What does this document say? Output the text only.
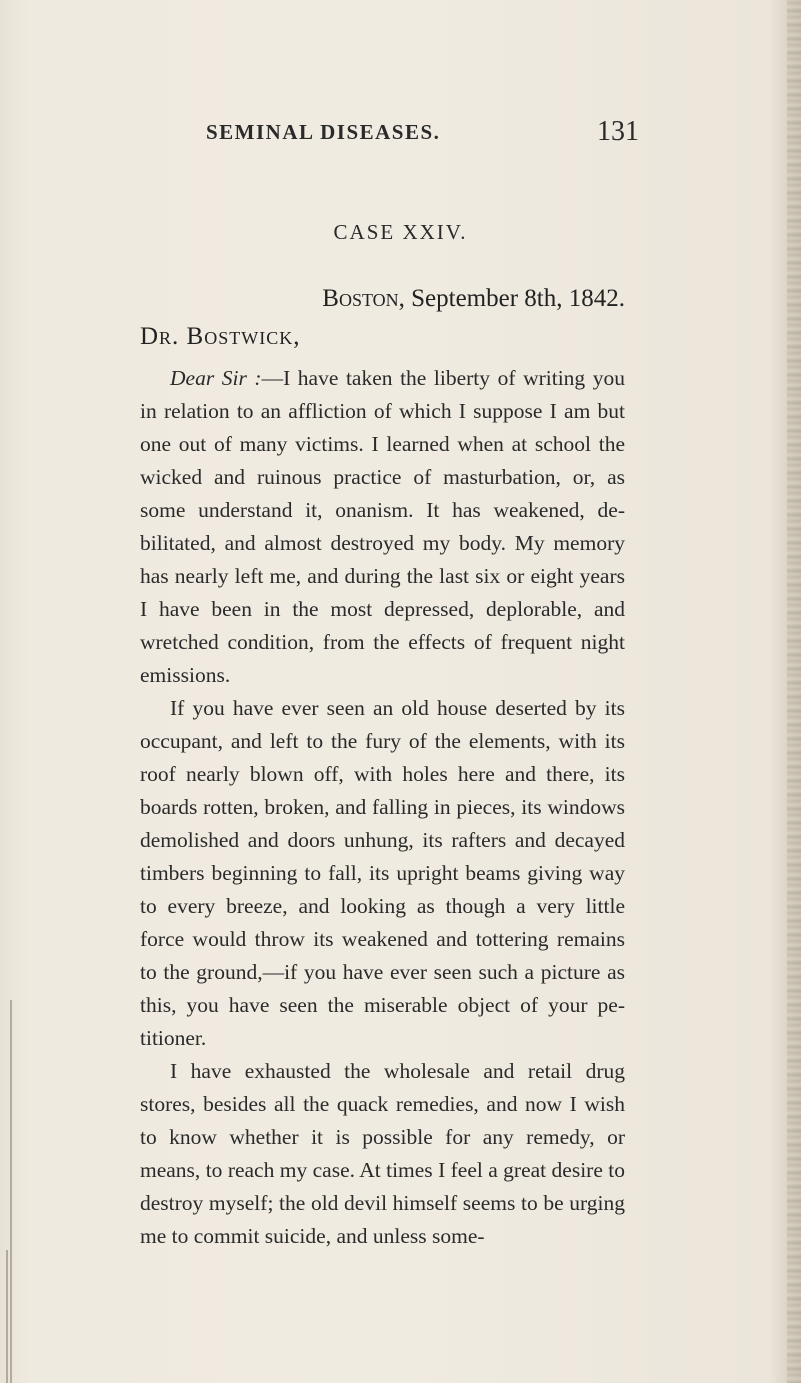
SEMINAL DISEASES.	131
CASE XXIV.
Boston, September 8th, 1842.
Dr. Bostwick,

Dear Sir :—I have taken the liberty of writing you in relation to an affliction of which I suppose I am but one out of many victims. I learned when at school the wicked and ruinous practice of masturbation, or, as some understand it, onanism. It has weakened, de-bilitated, and almost destroyed my body. My memory has nearly left me, and during the last six or eight years I have been in the most depressed, deplorable, and wretched condition, from the effects of frequent night emissions.

If you have ever seen an old house deserted by its occupant, and left to the fury of the elements, with its roof nearly blown off, with holes here and there, its boards rotten, broken, and falling in pieces, its windows demolished and doors unhung, its rafters and decayed timbers beginning to fall, its upright beams giving way to every breeze, and looking as though a very little force would throw its weakened and tottering remains to the ground,—if you have ever seen such a picture as this, you have seen the miserable object of your pe-titioner.

I have exhausted the wholesale and retail drug stores, besides all the quack remedies, and now I wish to know whether it is possible for any remedy, or means, to reach my case. At times I feel a great desire to destroy myself; the old devil himself seems to be urging me to commit suicide, and unless some-
